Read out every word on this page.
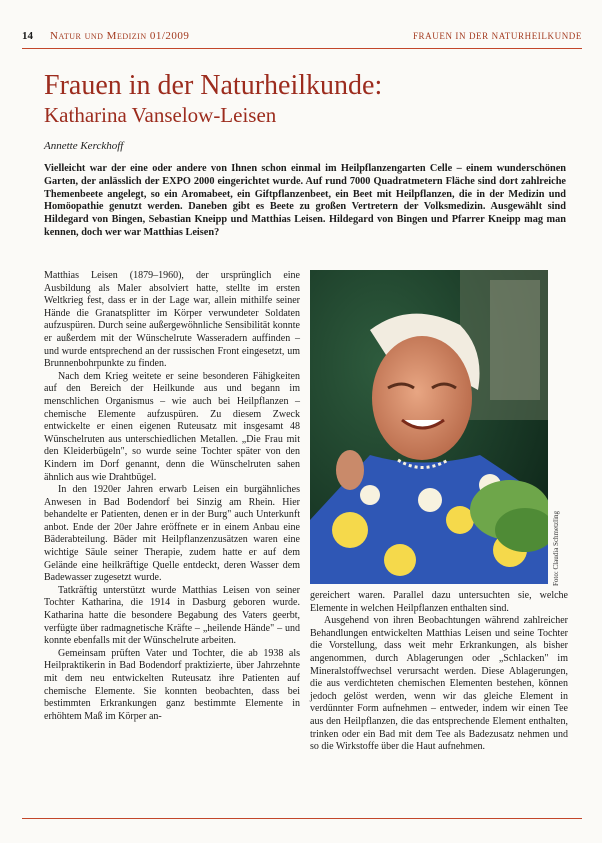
14 Natur und Medizin 01/2009	FRAUEN IN DER NATURHEILKUNDE
Frauen in der Naturheilkunde:
Katharina Vanselow-Leisen
Annette Kerckhoff

Vielleicht war der eine oder andere von Ihnen schon einmal im Heilpflanzengarten Celle – einem wunderschönen Garten, der anlässlich der EXPO 2000 eingerichtet wurde. Auf rund 7000 Quadratmetern Fläche sind dort zahlreiche Themenbeete angelegt, so ein Aromabeet, ein Giftpflanzenbeet, ein Beet mit Heilpflanzen, die in der Medizin und Homöopathie genutzt werden. Daneben gibt es Beete zu großen Vertretern der Volksmedizin. Ausgewählt sind Hildegard von Bingen, Sebastian Kneipp und Matthias Leisen. Hildegard von Bingen und Pfarrer Kneipp mag man kennen, doch wer war Matthias Leisen?

Matthias Leisen (1879–1960), der ursprünglich eine Ausbildung als Maler absolviert hatte, stellte im ersten Weltkrieg fest, dass er in der Lage war, allein mithilfe seiner Hände die Granatsplitter im Körper verwundeter Soldaten aufzuspüren. Durch seine außergewöhnliche Sensibilität konnte er außerdem mit der Wünschelrute Wasseradern auffinden – und wurde entsprechend an der russischen Front eingesetzt, um Brunnenbohrpunkte zu finden.

Nach dem Krieg weitete er seine besonderen Fähigkeiten auf den Bereich der Heilkunde aus und begann im menschlichen Organismus – wie auch bei Heilpflanzen – chemische Elemente aufzuspüren. Zu diesem Zweck entwickelte er einen eigenen Ruteusatz mit insgesamt 48 Wünschelruten aus unterschiedlichen Metallen. „Die Frau mit den Kleiderbügeln", so wurde seine Tochter später von den Kindern im Dorf genannt, denn die Wünschelruten sahen ähnlich aus wie Drahtbügel.

In den 1920er Jahren erwarb Leisen ein burgähnliches Anwesen in Bad Bodendorf bei Sinzig am Rhein. Hier behandelte er Patienten, denen er in der Burg" auch Unterkunft anbot. Ende der 20er Jahre eröffnete er in einem Anbau eine Bäderabteilung. Bäder mit Heilpflanzenzusätzen waren eine wichtige Säule seiner Therapie, zudem hatte er auf dem Gelände eine heilkräftige Quelle entdeckt, deren Wasser dem Badewasser zugesetzt wurde.

Tatkräftig unterstützt wurde Matthias Leisen von seiner Tochter Katharina, die 1914 in Dasburg geboren wurde. Katharina hatte die besondere Begabung des Vaters geerbt, verfügte über radmagnetische Kräfte – „heilende Hände" – und konnte ebenfalls mit der Wünschelrute arbeiten.

Gemeinsam prüften Vater und Tochter, die ab 1938 als Heilpraktikerin in Bad Bodendorf praktizierte, über Jahrzehnte mit dem neu entwickelten Ruteusatz ihre Patienten auf chemische Elemente. Sie konnten beobachten, dass bei bestimmten Erkrankungen ganz bestimmte Elemente in erhöhtem Maß im Körper an-

Foto: Claudia Schmetzling

gereichert waren. Parallel dazu untersuchten sie, welche Elemente in welchen Heilpflanzen enthalten sind.

Ausgehend von ihren Beobachtungen während zahlreicher Behandlungen entwickelten Matthias Leisen und seine Tochter die Vorstellung, dass weit mehr Erkrankungen, als bisher angenommen, durch Ablagerungen oder „Schlacken" im Mineralstoffwechsel verursacht werden. Diese Ablagerungen, die aus verdichteten chemischen Elementen bestehen, können jedoch gelöst werden, wenn wir das gleiche Element in verdünnter Form aufnehmen – entweder, indem wir einen Tee aus den Heilpflanzen, die das entsprechende Element enthalten, trinken oder ein Bad mit dem Tee als Badezusatz nehmen und so die Wirkstoffe über die Haut aufnehmen.
